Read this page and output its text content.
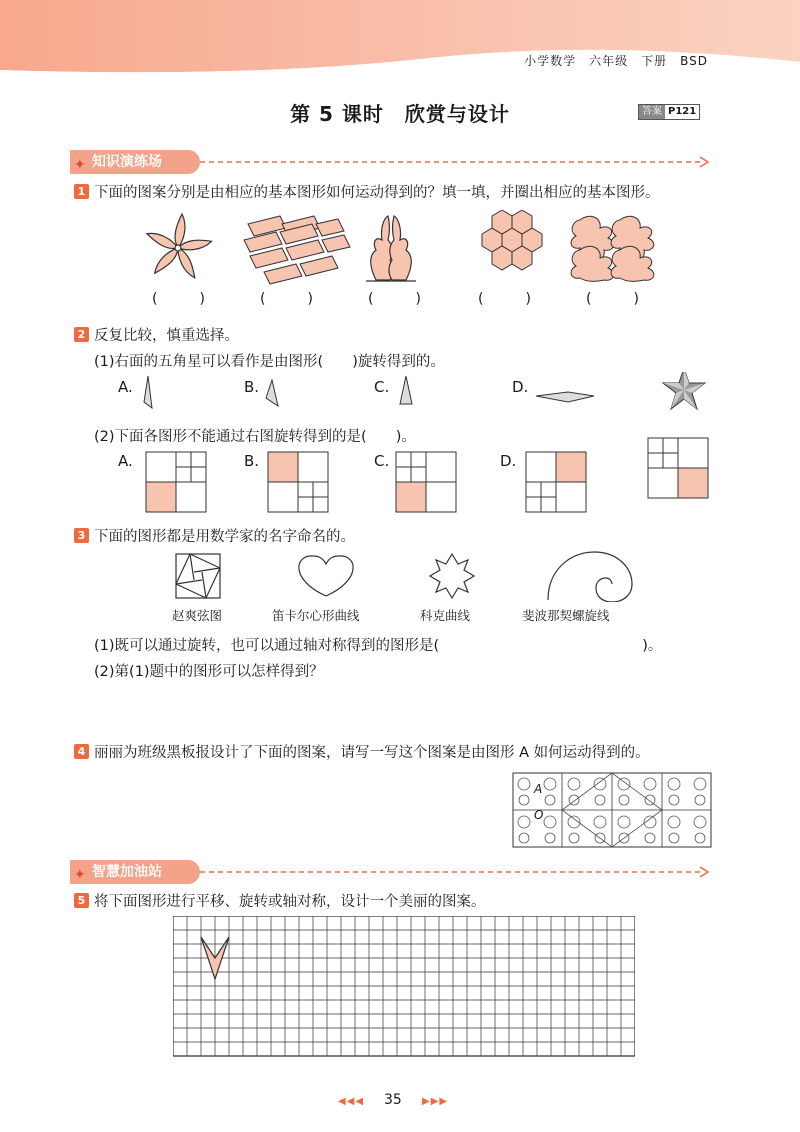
小学数学　六年级　下册　BSD
第 5 课时　欣赏与设计	答案 P121
✦ 知识演练场
1 下面的图案分别是由相应的基本图形如何运动得到的？填一填，并圈出相应的基本图形。
(　　　)	(　　　)	(　　　)	(　　　)	(　　　)
2 反复比较，慎重选择。
(1)右面的五角星可以看作是由图形(　　)旋转得到的。
A.	B.	C.	D.
(2)下面各图形不能通过右图旋转得到的是(　　)。
A.	B.	C.	D.
3 下面的图形都是用数学家的名字命名的。
赵爽弦图	笛卡尔心形曲线	科克曲线	斐波那契螺旋线
(1)既可以通过旋转，也可以通过轴对称得到的图形是(　　　　　　　　　　　　　　)。
(2)第(1)题中的图形可以怎样得到？
4 丽丽为班级黑板报设计了下面的图案，请写一写这个图案是由图形 A 如何运动得到的。
A
O
✦ 智慧加油站
5 将下面图形进行平移、旋转或轴对称，设计一个美丽的图案。
◀◀◀ 35 ▶▶▶
